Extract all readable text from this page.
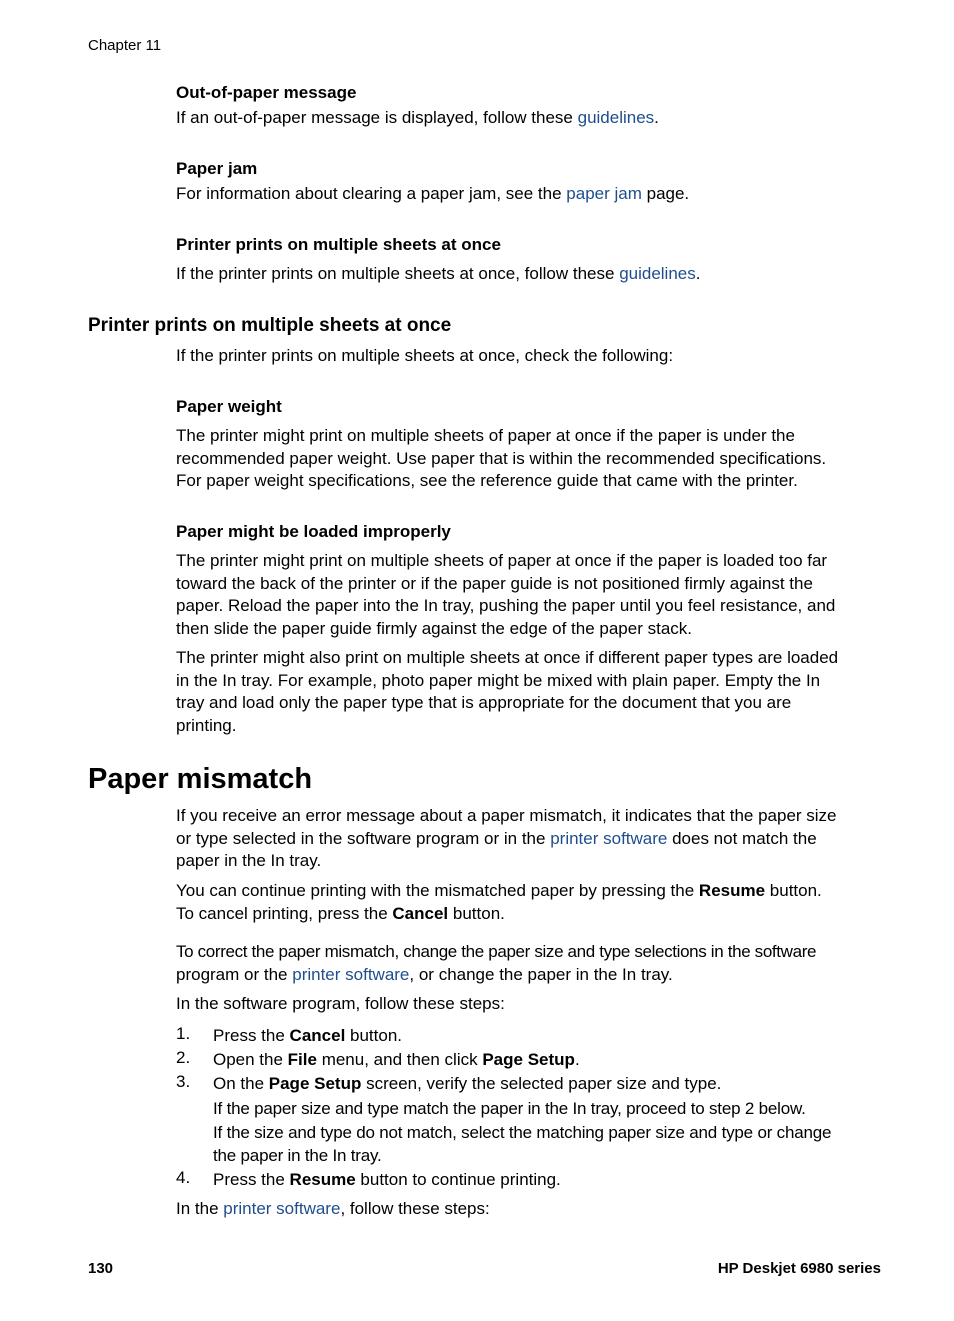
Chapter 11
Out-of-paper message
If an out-of-paper message is displayed, follow these guidelines.
Paper jam
For information about clearing a paper jam, see the paper jam page.
Printer prints on multiple sheets at once
If the printer prints on multiple sheets at once, follow these guidelines.
Printer prints on multiple sheets at once
If the printer prints on multiple sheets at once, check the following:
Paper weight
The printer might print on multiple sheets of paper at once if the paper is under the
recommended paper weight. Use paper that is within the recommended specifications.
For paper weight specifications, see the reference guide that came with the printer.
Paper might be loaded improperly
The printer might print on multiple sheets of paper at once if the paper is loaded too far
toward the back of the printer or if the paper guide is not positioned firmly against the
paper. Reload the paper into the In tray, pushing the paper until you feel resistance, and
then slide the paper guide firmly against the edge of the paper stack.
The printer might also print on multiple sheets at once if different paper types are loaded
in the In tray. For example, photo paper might be mixed with plain paper. Empty the In
tray and load only the paper type that is appropriate for the document that you are
printing.
Paper mismatch
If you receive an error message about a paper mismatch, it indicates that the paper size
or type selected in the software program or in the printer software does not match the
paper in the In tray.
You can continue printing with the mismatched paper by pressing the Resume button.
To cancel printing, press the Cancel button.
To correct the paper mismatch, change the paper size and type selections in the software
program or the printer software, or change the paper in the In tray.
In the software program, follow these steps:
1. Press the Cancel button.
2. Open the File menu, and then click Page Setup.
3. On the Page Setup screen, verify the selected paper size and type.
If the paper size and type match the paper in the In tray, proceed to step 2 below.
If the size and type do not match, select the matching paper size and type or change
the paper in the In tray.
4. Press the Resume button to continue printing.
In the printer software, follow these steps:
130	HP Deskjet 6980 series
